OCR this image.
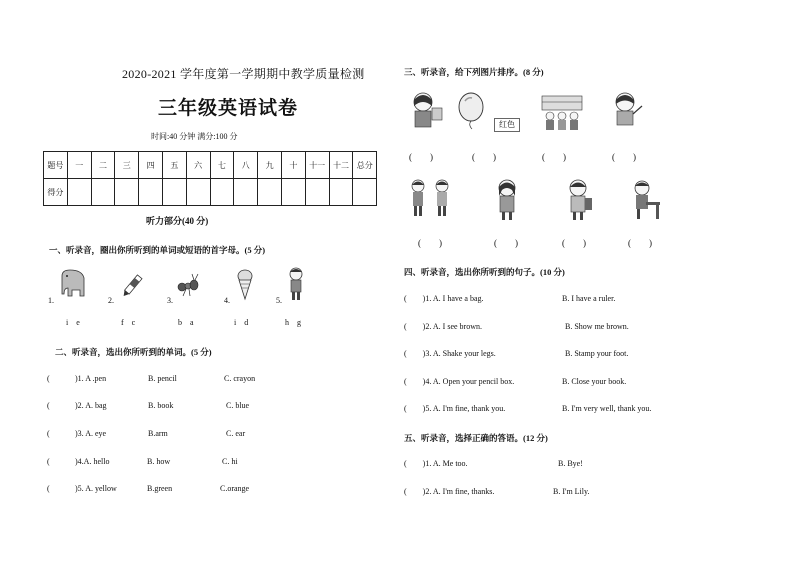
2020-2021 学年度第一学期期中教学质量检测
三年级英语试卷
时间:40 分钟 满分:100 分
题号	一	二	三	四	五	六	七	八	九	十	十一	十二	总分
得分													
听力部分(40 分)
一、听录音，圈出你所听到的单词或短语的首字母。(5 分)
1.	2.	3.	4.	5.
i    e	f    c	b    a	i    d	h    g
二、听录音，选出你所听到的单词。(5 分)
(	)1. A .pen	B. pencil	C. crayon
(	)2. A. bag	B. book	C. blue
(	)3. A. eye	B.arm	C. ear
(	)4.A. hello	B. how	C. hi
(	)5. A. yellow	B.green	C.orange
三、听录音，给下列图片排序。(8 分)
红色
(        )	(        )	(        )	(        )
(        )	(        )	(        )	(        )
四、听录音，选出你所听到的句子。(10 分)
(        )1. A. I have a bag.	B. I have a ruler.
(        )2. A. I see brown.	B. Show me brown.
(        )3. A. Shake your legs.	B. Stamp your foot.
(        )4. A. Open your pencil box.	B. Close your book.
(        )5. A. I'm fine, thank you.	B. I'm very well, thank you.
五、听录音，选择正确的答语。(12 分)
(        )1. A. Me too.	B. Bye!
(        )2. A. I'm fine, thanks.	B. I'm Lily.
